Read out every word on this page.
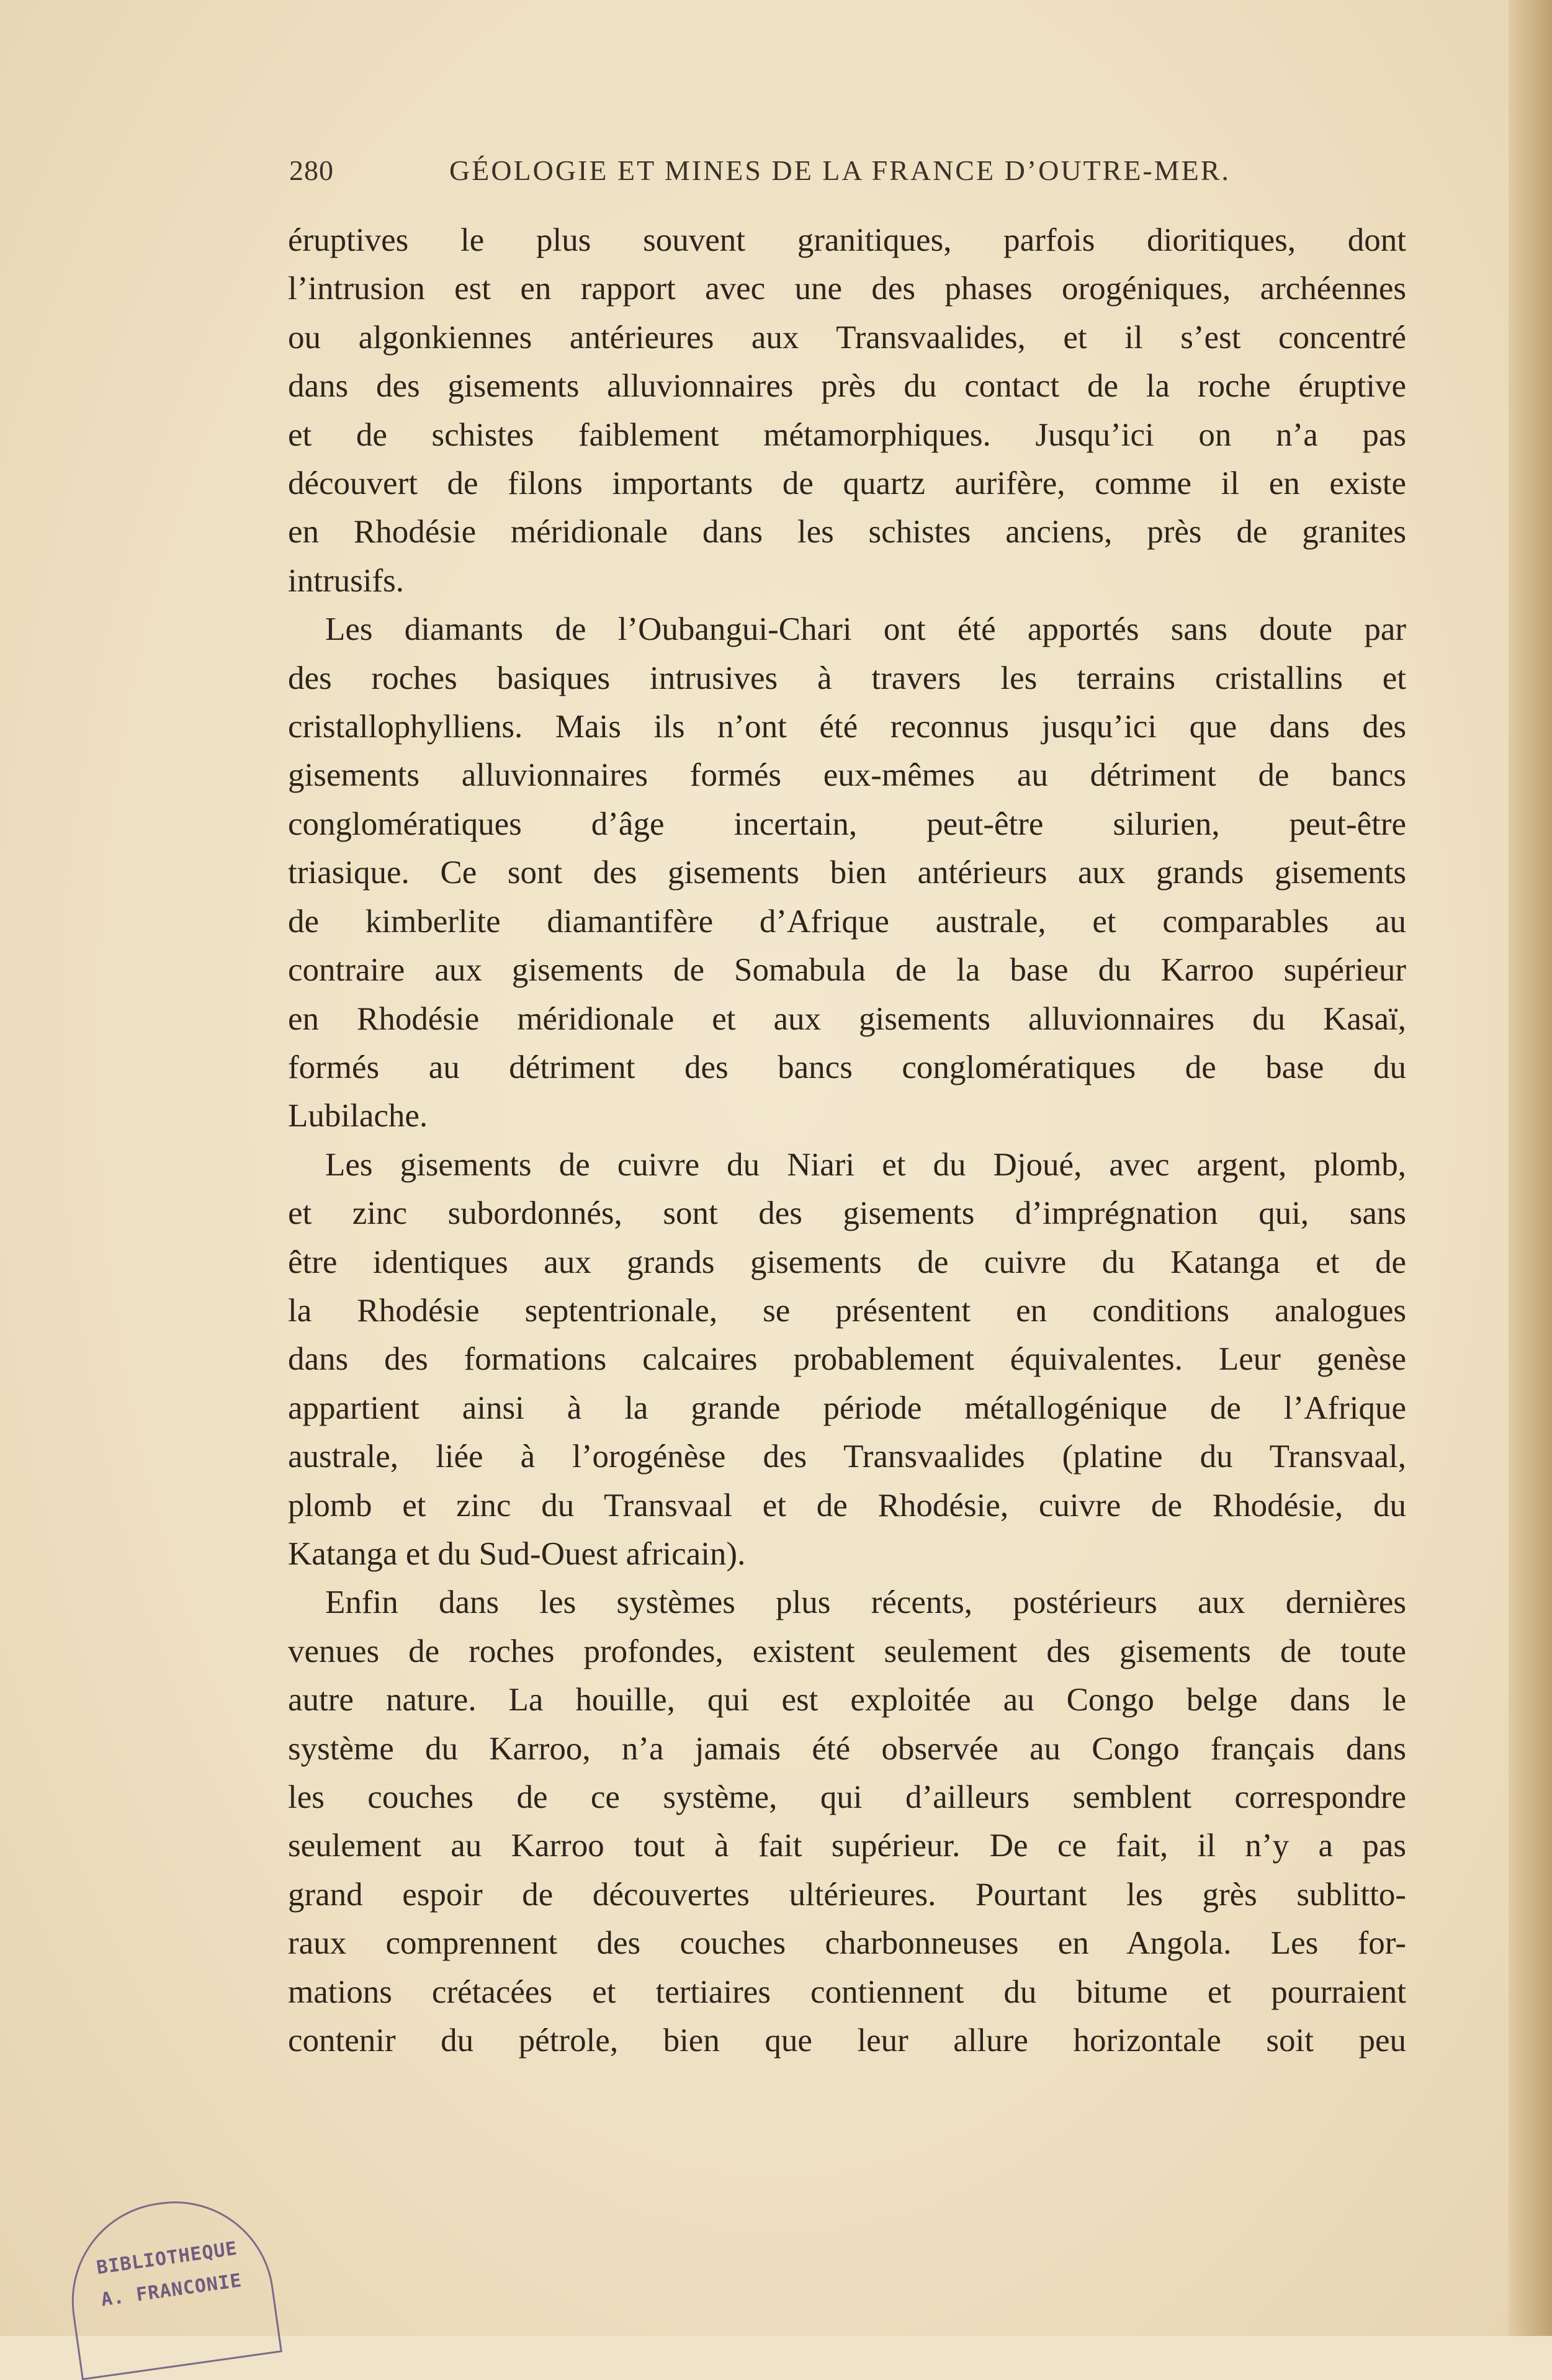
280	GÉOLOGIE ET MINES DE LA FRANCE D’OUTRE-MER.

éruptives le plus souvent granitiques, parfois dioritiques, dont

l’intrusion est en rapport avec une des phases orogéniques, archéennes

ou algonkiennes antérieures aux Transvaalides, et il s’est concentré

dans des gisements alluvionnaires près du contact de la roche éruptive

et de schistes faiblement métamorphiques. Jusqu’ici on n’a pas

découvert de filons importants de quartz aurifère, comme il en existe

en Rhodésie méridionale dans les schistes anciens, près de granites

intrusifs.

Les diamants de l’Oubangui-Chari ont été apportés sans doute par

des roches basiques intrusives à travers les terrains cristallins et

cristallophylliens. Mais ils n’ont été reconnus jusqu’ici que dans des

gisements alluvionnaires formés eux-mêmes au détriment de bancs

conglomératiques d’âge incertain, peut-être silurien, peut-être

triasique. Ce sont des gisements bien antérieurs aux grands gisements

de kimberlite diamantifère d’Afrique australe, et comparables au

contraire aux gisements de Somabula de la base du Karroo supérieur

en Rhodésie méridionale et aux gisements alluvionnaires du Kasaï,

formés au détriment des bancs conglomératiques de base du

Lubilache.

Les gisements de cuivre du Niari et du Djoué, avec argent, plomb,

et zinc subordonnés, sont des gisements d’imprégnation qui, sans

être identiques aux grands gisements de cuivre du Katanga et de

la Rhodésie septentrionale, se présentent en conditions analogues

dans des formations calcaires probablement équivalentes. Leur genèse

appartient ainsi à la grande période métallogénique de l’Afrique

australe, liée à l’orogénèse des Transvaalides (platine du Transvaal,

plomb et zinc du Transvaal et de Rhodésie, cuivre de Rhodésie, du

Katanga et du Sud-Ouest africain).

Enfin dans les systèmes plus récents, postérieurs aux dernières

venues de roches profondes, existent seulement des gisements de toute

autre nature. La houille, qui est exploitée au Congo belge dans le

système du Karroo, n’a jamais été observée au Congo français dans

les couches de ce système, qui d’ailleurs semblent correspondre

seulement au Karroo tout à fait supérieur. De ce fait, il n’y a pas

grand espoir de découvertes ultérieures. Pourtant les grès sublitto-

raux comprennent des couches charbonneuses en Angola. Les for-

mations crétacées et tertiaires contiennent du bitume et pourraient

contenir du pétrole, bien que leur allure horizontale soit peu

BIBLIOTHEQUE
A. FRANCONIE
